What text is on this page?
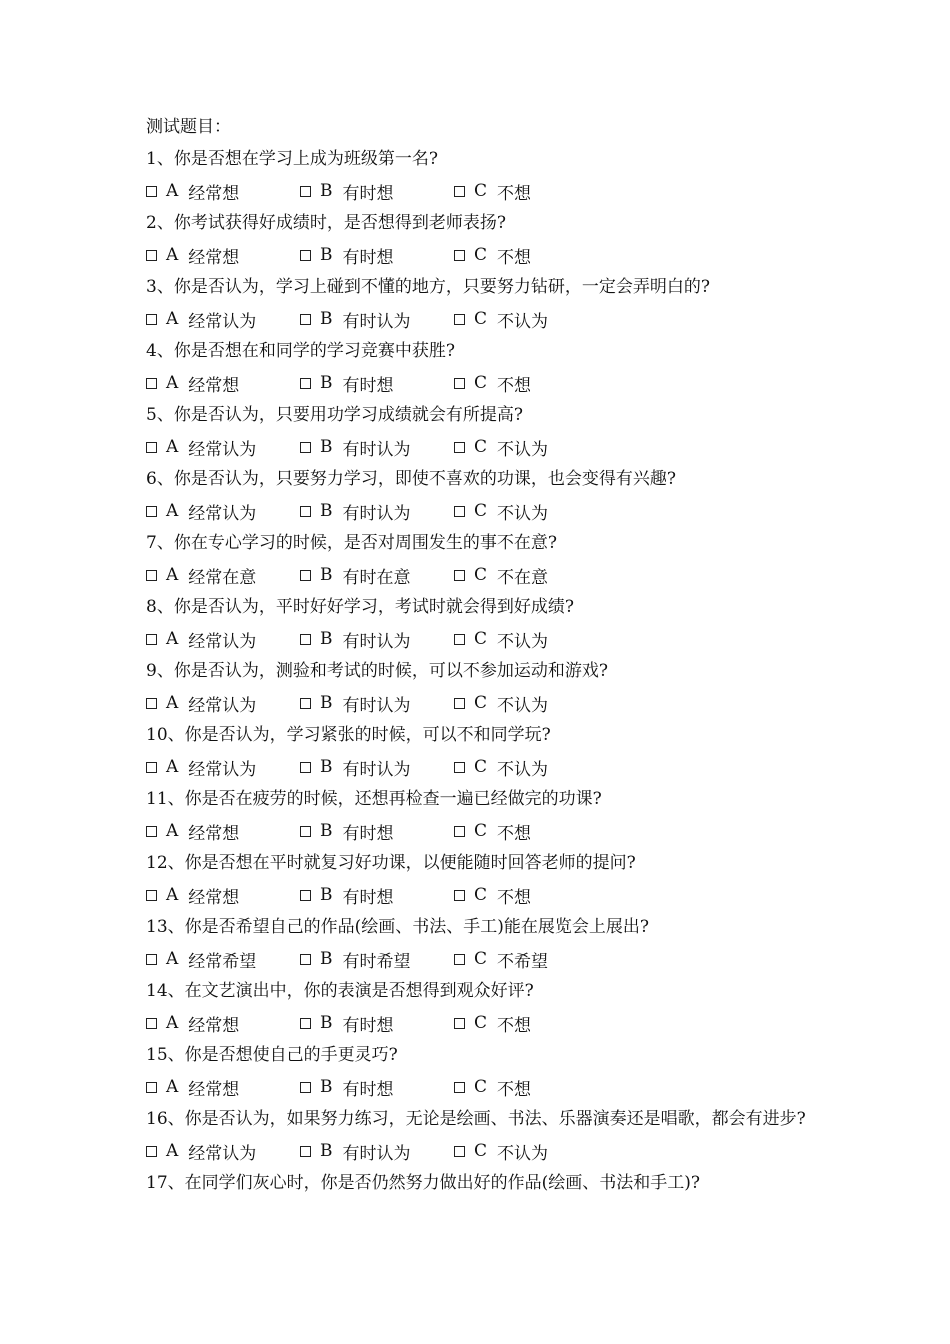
测试题目：
1、你是否想在学习上成为班级第一名?
A 经常想	B 有时想	C 不想
2、你考试获得好成绩时，是否想得到老师表扬?
A 经常想	B 有时想	C 不想
3、你是否认为，学习上碰到不懂的地方，只要努力钻研，一定会弄明白的?
A 经常认为	B 有时认为	C 不认为
4、你是否想在和同学的学习竞赛中获胜?
A 经常想	B 有时想	C 不想
5、你是否认为，只要用功学习成绩就会有所提高?
A 经常认为	B 有时认为	C 不认为
6、你是否认为，只要努力学习，即使不喜欢的功课，也会变得有兴趣?
A 经常认为	B 有时认为	C 不认为
7、你在专心学习的时候，是否对周围发生的事不在意?
A 经常在意	B 有时在意	C 不在意
8、你是否认为，平时好好学习，考试时就会得到好成绩?
A 经常认为	B 有时认为	C 不认为
9、你是否认为，测验和考试的时候，可以不参加运动和游戏?
A 经常认为	B 有时认为	C 不认为
10、你是否认为，学习紧张的时候，可以不和同学玩?
A 经常认为	B 有时认为	C 不认为
11、你是否在疲劳的时候，还想再检查一遍已经做完的功课?
A 经常想	B 有时想	C 不想
12、你是否想在平时就复习好功课，以便能随时回答老师的提问?
A 经常想	B 有时想	C 不想
13、你是否希望自己的作品(绘画、书法、手工)能在展览会上展出?
A 经常希望	B 有时希望	C 不希望
14、在文艺演出中，你的表演是否想得到观众好评?
A 经常想	B 有时想	C 不想
15、你是否想使自己的手更灵巧?
A 经常想	B 有时想	C 不想
16、你是否认为，如果努力练习，无论是绘画、书法、乐器演奏还是唱歌，都会有进步?
A 经常认为	B 有时认为	C 不认为
17、在同学们灰心时，你是否仍然努力做出好的作品(绘画、书法和手工)?
